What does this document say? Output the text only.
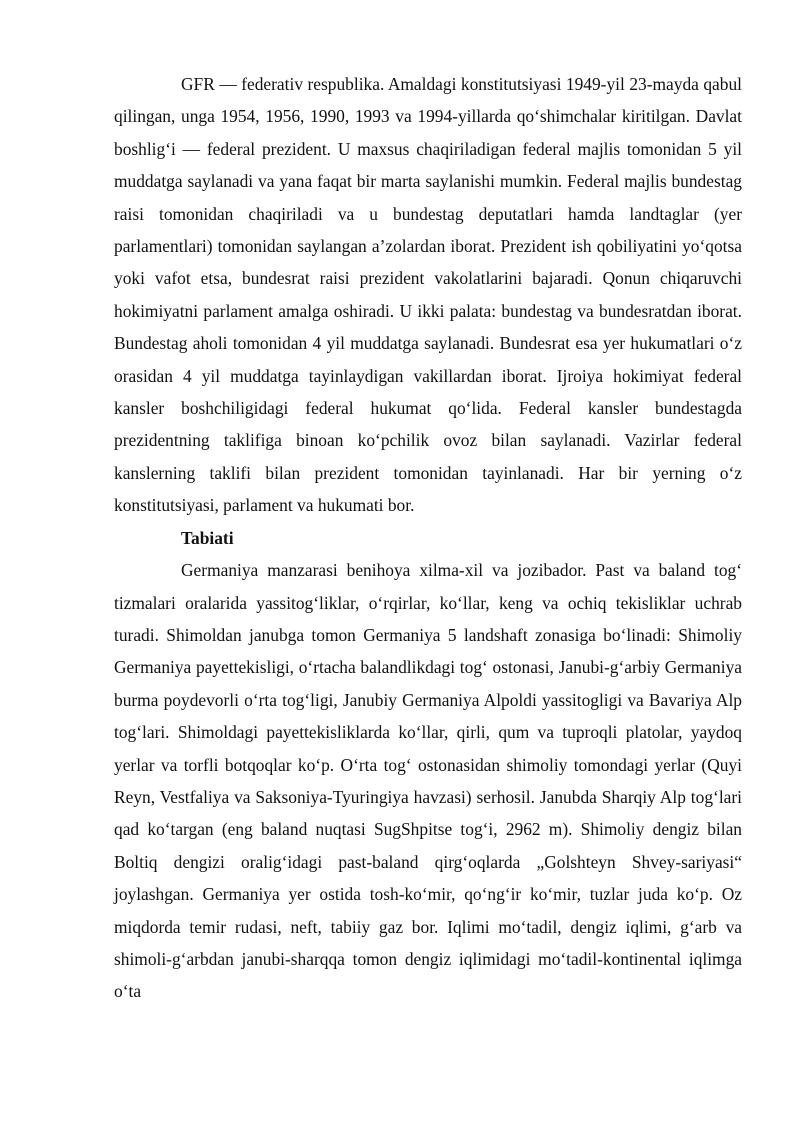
GFR — federativ respublika. Amaldagi konstitutsiyasi 1949-yil 23-mayda qabul qilingan, unga 1954, 1956, 1990, 1993 va 1994-yillarda qo‘shimchalar kiritilgan. Davlat boshlig‘i — federal prezident. U maxsus chaqiriladigan federal majlis tomonidan 5 yil muddatga saylanadi va yana faqat bir marta saylanishi mumkin. Federal majlis bundestag raisi tomonidan chaqiriladi va u bundestag deputatlari hamda landtaglar (yer parlamentlari) tomonidan saylangan a’zolardan iborat. Prezident ish qobiliyatini yo‘qotsa yoki vafot etsa, bundesrat raisi prezident vakolatlarini bajaradi. Qonun chiqaruvchi hokimiyatni parlament amalga oshiradi. U ikki palata: bundestag va bundesratdan iborat. Bundestag aholi tomonidan 4 yil muddatga saylanadi. Bundesrat esa yer hukumatlari o‘z orasidan 4 yil muddatga tayinlaydigan vakillardan iborat. Ijroiya hokimiyat federal kansler boshchiligidagi federal hukumat qo‘lida. Federal kansler bundestagda prezidentning taklifiga binoan ko‘pchilik ovoz bilan saylanadi. Vazirlar federal kanslerning taklifi bilan prezident tomonidan tayinlanadi. Har bir yerning o‘z konstitutsiyasi, parlament va hukumati bor.

Tabiati

Germaniya manzarasi benihoya xilma-xil va jozibador. Past va baland tog‘ tizmalari oralarida yassitog‘liklar, o‘rqirlar, ko‘llar, keng va ochiq tekisliklar uchrab turadi. Shimoldan janubga tomon Germaniya 5 landshaft zonasiga bo‘linadi: Shimoliy Germaniya payettekisligi, o‘rtacha balandlikdagi tog‘ ostonasi, Janubi-g‘arbiy Germaniya burma poydevorli o‘rta tog‘ligi, Janubiy Germaniya Alpoldi yassitogligi va Bavariya Alp tog‘lari. Shimoldagi payettekisliklarda ko‘llar, qirli, qum va tuproqli platolar, yaydoq yerlar va torfli botqoqlar ko‘p. O‘rta tog‘ ostonasidan shimoliy tomondagi yerlar (Quyi Reyn, Vestfaliya va Saksoniya-Tyuringiya havzasi) serhosil. Janubda Sharqiy Alp tog‘lari qad ko‘targan (eng baland nuqtasi SugShpitse tog‘i, 2962 m). Shimoliy dengiz bilan Boltiq dengizi oralig‘idagi past-baland qirg‘oqlarda „Golshteyn Shvey-sariyasi“ joylashgan. Germaniya yer ostida tosh-ko‘mir, qo‘ng‘ir ko‘mir, tuzlar juda ko‘p. Oz miqdorda temir rudasi, neft, tabiiy gaz bor. Iqlimi mo‘tadil, dengiz iqlimi, g‘arb va shimoli-g‘arbdan janubi-sharqqa tomon dengiz iqlimidagi mo‘tadil-kontinental iqlimga o‘ta
